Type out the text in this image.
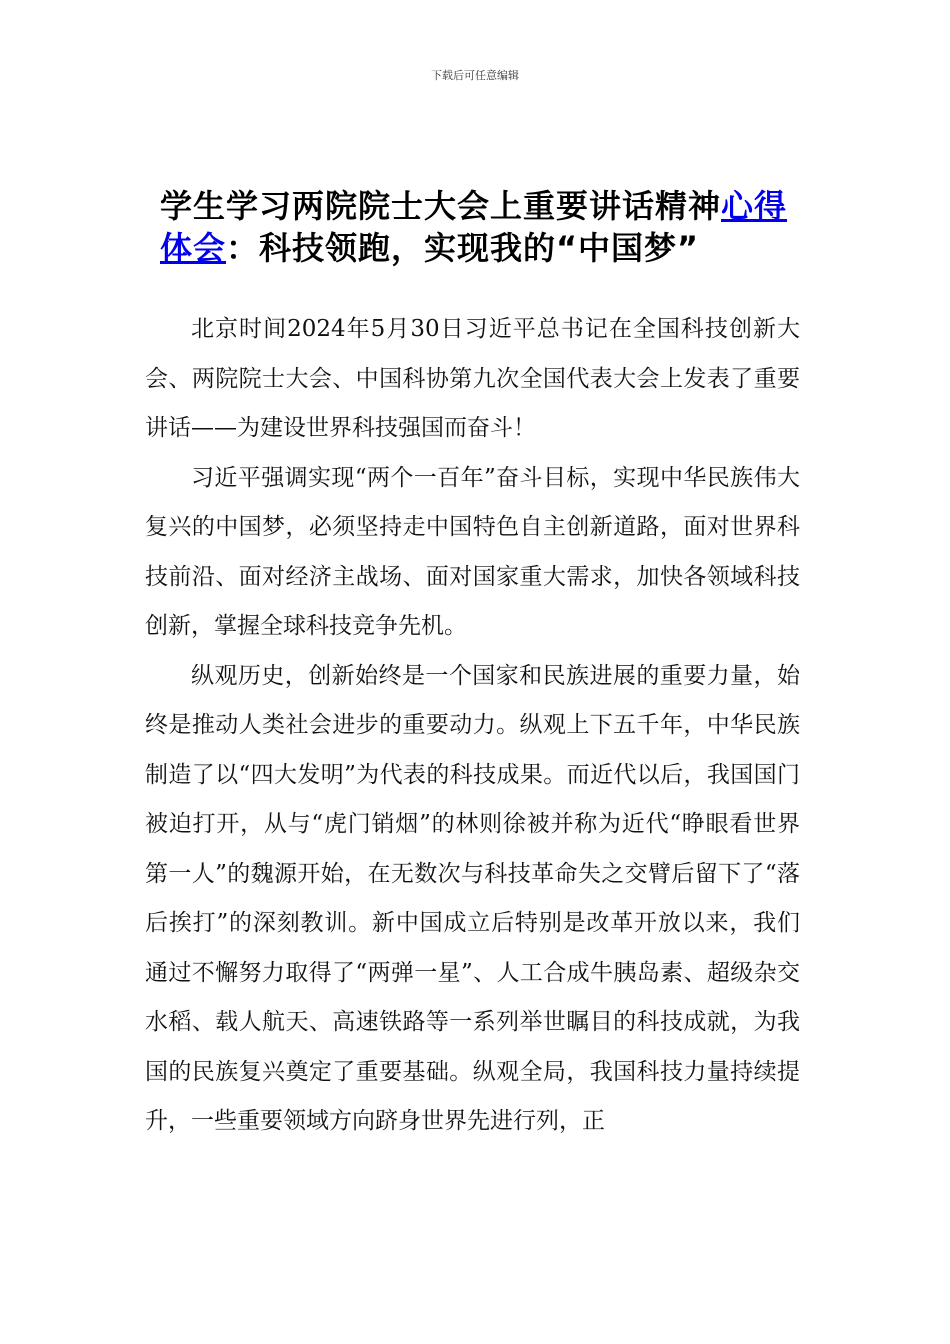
下载后可任意编辑
学生学习两院院士大会上重要讲话精神心得体会：科技领跑，实现我的“中国梦”

北京时间2024年5月30日习近平总书记在全国科技创新大会、两院院士大会、中国科协第九次全国代表大会上发表了重要讲话——为建设世界科技强国而奋斗！

习近平强调实现“两个一百年”奋斗目标，实现中华民族伟大复兴的中国梦，必须坚持走中国特色自主创新道路，面对世界科技前沿、面对经济主战场、面对国家重大需求，加快各领域科技创新，掌握全球科技竞争先机。

纵观历史，创新始终是一个国家和民族进展的重要力量，始终是推动人类社会进步的重要动力。纵观上下五千年，中华民族制造了以“四大发明”为代表的科技成果。而近代以后，我国国门被迫打开，从与“虎门销烟”的林则徐被并称为近代“睁眼看世界第一人”的魏源开始，在无数次与科技革命失之交臂后留下了“落后挨打”的深刻教训。新中国成立后特别是改革开放以来，我们通过不懈努力取得了“两弹一星”、人工合成牛胰岛素、超级杂交水稻、载人航天、高速铁路等一系列举世瞩目的科技成就，为我国的民族复兴奠定了重要基础。纵观全局，我国科技力量持续提升，一些重要领域方向跻身世界先进行列，正
